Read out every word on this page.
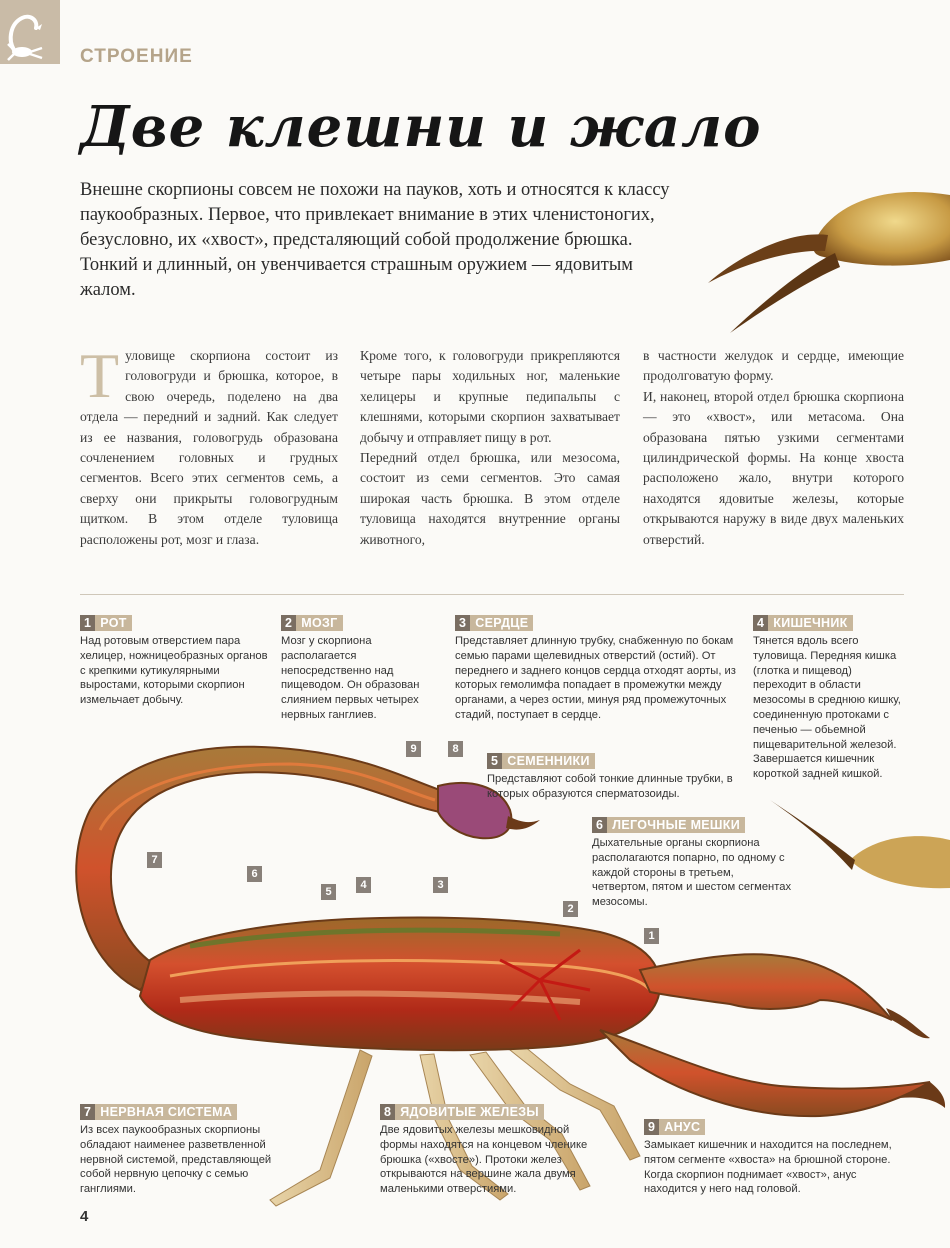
СТРОЕНИЕ
Две клешни и жало
Внешне скорпионы совсем не похожи на пауков, хоть и относятся к классу паукообразных. Первое, что привлекает внимание в этих членистоногих, безусловно, их «хвост», предсталяющий собой продолжение брюшка. Тонкий и длинный, он увенчивается страшным оружием — ядовитым жалом.
Т уловище скорпиона состоит из головогруди и брюшка, которое, в свою очередь, поделено на два отдела — передний и задний. Как следует из ее названия, головогрудь образована сочленением головных и грудных сегментов. Всего этих сегментов семь, а сверху они прикрыты головогрудным щитком. В этом отделе туловища расположены рот, мозг и глаза.
Кроме того, к головогруди прикрепляются четыре пары ходильных ног, маленькие хелицеры и крупные педипальпы с клешнями, которыми скорпион захватывает добычу и отправляет пищу в рот.
Передний отдел брюшка, или мезосома, состоит из семи сегментов. Это самая широкая часть брюшка. В этом отделе туловища находятся внутренние органы животного,
в частности желудок и сердце, имеющие продолговатую форму.
И, наконец, второй отдел брюшка скорпиона — это «хвост», или метасома. Она образована пятью узкими сегментами цилиндрической формы. На конце хвоста расположено жало, внутри которого находятся ядовитые железы, которые открываются наружу в виде двух маленьких отверстий.
9	8
7
6
5
4	3
2
1
1 РОТ
Над ротовым отверстием пара хелицер, ножницеобразных органов с крепкими кутикулярными выростами, которыми скорпион измельчает добычу.
2 МОЗГ
Мозг у скорпиона располагается непосредственно над пищеводом. Он образован слиянием первых четырех нервных ганглиев.
3 СЕРДЦЕ
Представляет длинную трубку, снабженную по бокам семью парами щелевидных отверстий (остий). От переднего и заднего концов сердца отходят аорты, из которых гемолимфа попадает в промежутки между органами, а через остии, минуя ряд промежуточных стадий, поступает в сердце.
4 КИШЕЧНИК
Тянется вдоль всего туловища. Передняя кишка (глотка и пищевод) переходит в области мезосомы в среднюю кишку, соединенную протоками с печенью — обьемной пищеварительной железой. Завершается кишечник короткой задней кишкой.
5 СЕМЕННИКИ
Представляют собой тонкие длинные трубки, в которых образуются сперматозоиды.
6 ЛЕГОЧНЫЕ МЕШКИ
Дыхательные органы скорпиона располагаются попарно, по одному с каждой стороны в третьем, четвертом, пятом и шестом сегментах мезосомы.
7 НЕРВНАЯ СИСТЕМА
Из всех паукообразных скорпионы обладают наименее разветвленной нервной системой, представляющей собой нервную цепочку с семью ганглиями.
8 ЯДОВИТЫЕ ЖЕЛЕЗЫ
Две ядовитых железы мешковидной формы находятся на концевом членике брюшка («хвосте»). Протоки желез открываются на вершине жала двумя маленькими отверстиями.
9 АНУС
Замыкает кишечник и находится на последнем, пятом сегменте «хвоста» на брюшной стороне. Когда скорпион поднимает «хвост», анус находится у него над головой.
4
